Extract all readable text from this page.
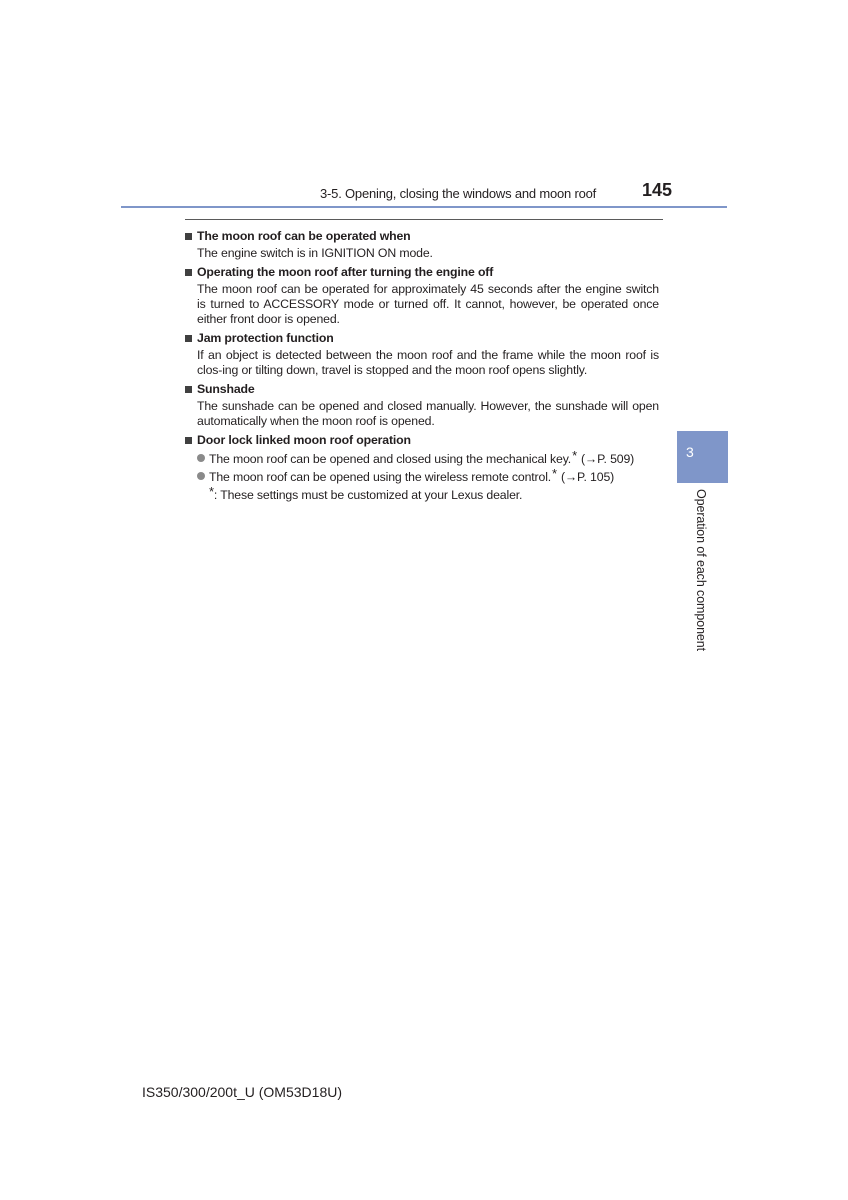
3-5. Opening, closing the windows and moon roof	145
The moon roof can be operated when
The engine switch is in IGNITION ON mode.
Operating the moon roof after turning the engine off
The moon roof can be operated for approximately 45 seconds after the engine switch is turned to ACCESSORY mode or turned off. It cannot, however, be operated once either front door is opened.
Jam protection function
If an object is detected between the moon roof and the frame while the moon roof is clos-ing or tilting down, travel is stopped and the moon roof opens slightly.
Sunshade
The sunshade can be opened and closed manually. However, the sunshade will open automatically when the moon roof is opened.
Door lock linked moon roof operation
The moon roof can be opened and closed using the mechanical key.* (→P. 509)
The moon roof can be opened using the wireless remote control.* (→P. 105)
*: These settings must be customized at your Lexus dealer.
3
Operation of each component
IS350/300/200t_U (OM53D18U)
